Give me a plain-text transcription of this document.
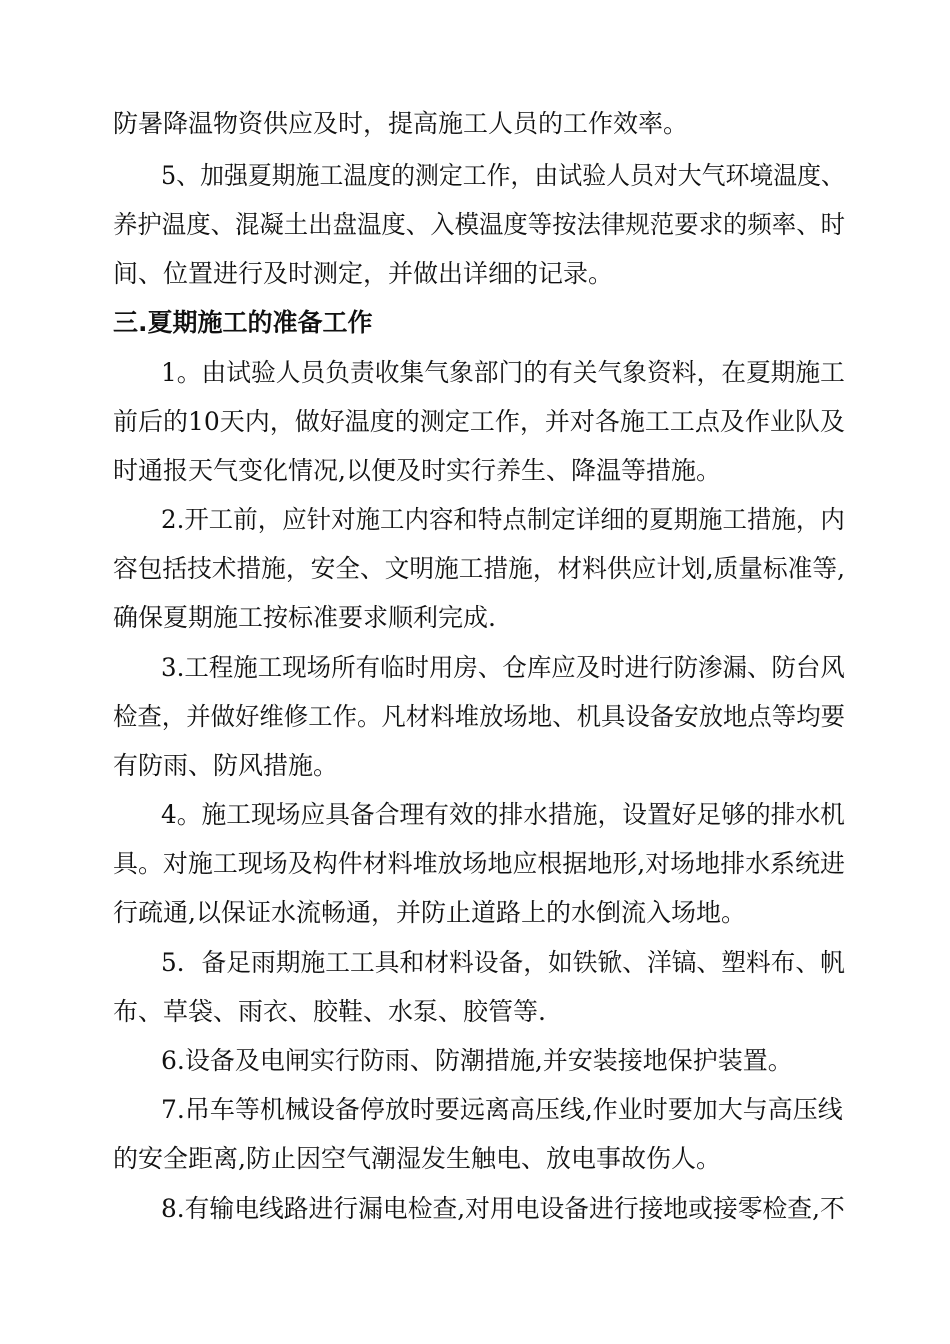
防暑降温物资供应及时，提高施工人员的工作效率。
5、加强夏期施工温度的测定工作，由试验人员对大气环境温度、
养护温度、混凝土出盘温度、入模温度等按法律规范要求的频率、时
间、位置进行及时测定，并做出详细的记录。
三.夏期施工的准备工作
1。由试验人员负责收集气象部门的有关气象资料，在夏期施工
前后的10天内，做好温度的测定工作，并对各施工工点及作业队及
时通报天气变化情况,以便及时实行养生、降温等措施。
2.开工前，应针对施工内容和特点制定详细的夏期施工措施，内
容包括技术措施，安全、文明施工措施，材料供应计划,质量标准等,
确保夏期施工按标准要求顺利完成.
3.工程施工现场所有临时用房、仓库应及时进行防渗漏、防台风
检查，并做好维修工作。凡材料堆放场地、机具设备安放地点等均要
有防雨、防风措施。
4。施工现场应具备合理有效的排水措施，设置好足够的排水机
具。对施工现场及构件材料堆放场地应根据地形,对场地排水系统进
行疏通,以保证水流畅通，并防止道路上的水倒流入场地。
5．备足雨期施工工具和材料设备，如铁锨、洋镐、塑料布、帆
布、草袋、雨衣、胶鞋、水泵、胶管等.
6.设备及电闸实行防雨、防潮措施,并安装接地保护装置。
7.吊车等机械设备停放时要远离高压线,作业时要加大与高压线
的安全距离,防止因空气潮湿发生触电、放电事故伤人。
8.有输电线路进行漏电检查,对用电设备进行接地或接零检查,不
